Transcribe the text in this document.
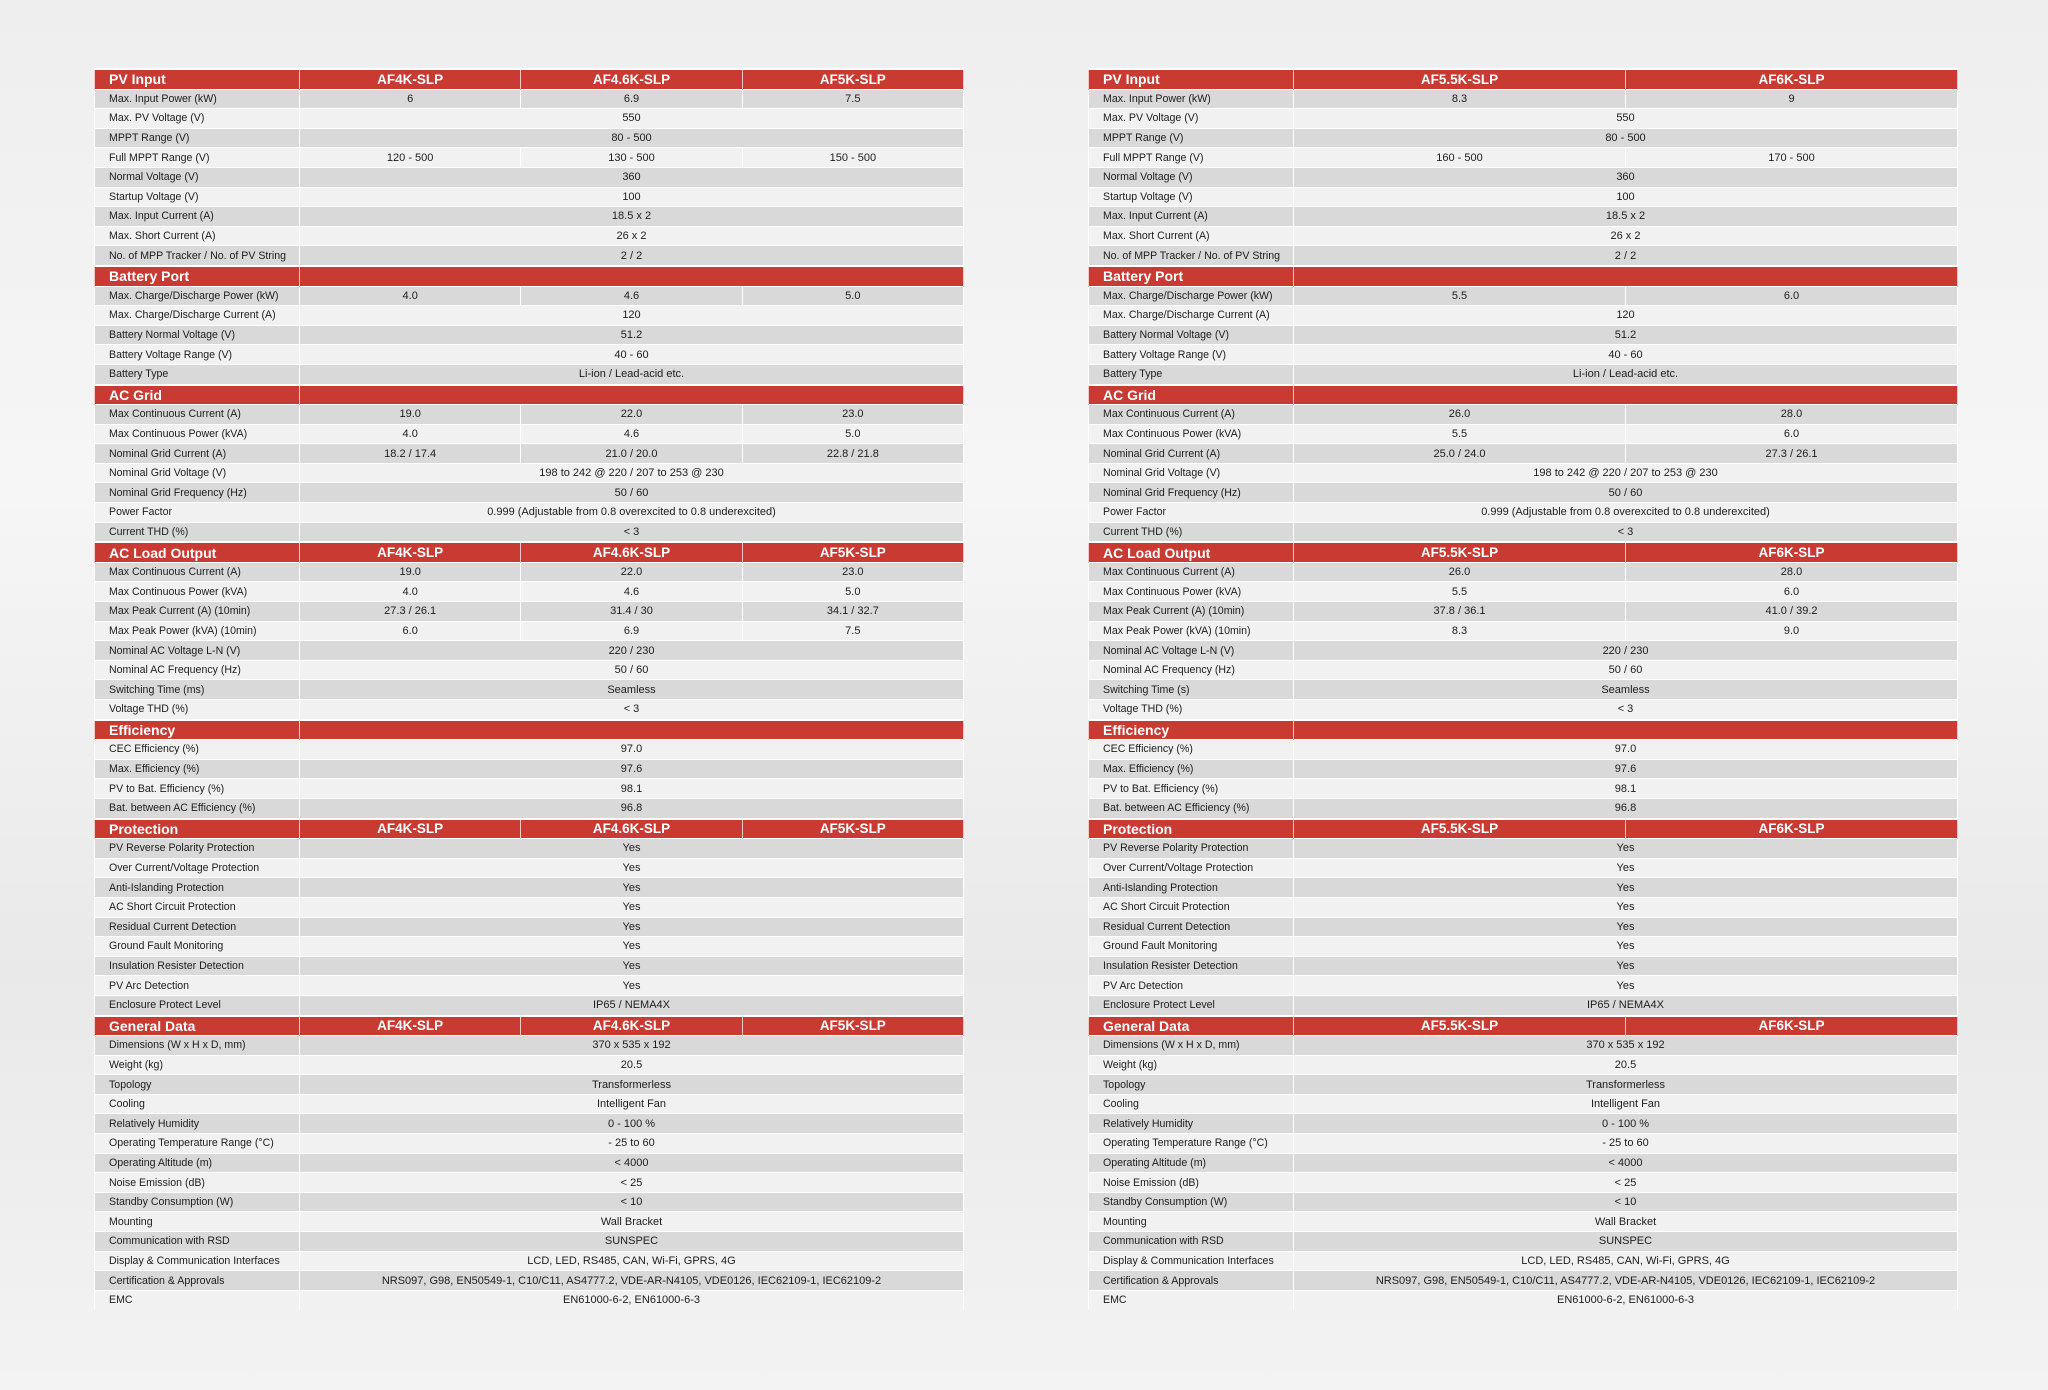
PV Input	AF4K-SLP	AF4.6K-SLP	AF5K-SLP
Max. Input Power (kW)	6	6.9	7.5
Max. PV Voltage (V)	550		
MPPT Range (V)	80 - 500		
Full MPPT Range (V)	120 - 500	130 - 500	150 - 500
Normal Voltage (V)	360		
Startup Voltage (V)	100		
Max. Input Current (A)	18.5 x 2		
Max. Short Current (A)	26 x 2		
No. of MPP Tracker / No. of PV String	2 / 2		
Battery Port			
Max. Charge/Discharge Power (kW)	4.0	4.6	5.0
Max. Charge/Discharge Current (A)	120		
Battery Normal Voltage (V)	51.2		
Battery Voltage Range (V)	40 - 60		
Battery Type	Li-ion / Lead-acid etc.		
AC Grid			
Max Continuous Current (A)	19.0	22.0	23.0
Max Continuous Power (kVA)	4.0	4.6	5.0
Nominal Grid Current (A)	18.2 / 17.4	21.0 / 20.0	22.8 / 21.8
Nominal Grid Voltage (V)	198 to 242 @ 220 / 207 to 253 @ 230		
Nominal Grid Frequency (Hz)	50 / 60		
Power Factor	0.999 (Adjustable from 0.8 overexcited to 0.8 underexcited)		
Current THD (%)	< 3		
AC Load Output	AF4K-SLP	AF4.6K-SLP	AF5K-SLP
Max Continuous Current (A)	19.0	22.0	23.0
Max Continuous Power (kVA)	4.0	4.6	5.0
Max Peak Current (A) (10min)	27.3 / 26.1	31.4 / 30	34.1 / 32.7
Max Peak Power (kVA) (10min)	6.0	6.9	7.5
Nominal AC Voltage L-N (V)	220 / 230		
Nominal AC Frequency (Hz)	50 / 60		
Switching Time (ms)	Seamless		
Voltage THD (%)	< 3		
Efficiency			
CEC Efficiency (%)	97.0		
Max. Efficiency (%)	97.6		
PV to Bat. Efficiency (%)	98.1		
Bat. between AC Efficiency (%)	96.8		
Protection	AF4K-SLP	AF4.6K-SLP	AF5K-SLP
PV Reverse Polarity Protection	Yes		
Over Current/Voltage Protection	Yes		
Anti-Islanding Protection	Yes		
AC Short Circuit Protection	Yes		
Residual Current Detection	Yes		
Ground Fault Monitoring	Yes		
Insulation Resister Detection	Yes		
PV Arc Detection	Yes		
Enclosure Protect Level	IP65 / NEMA4X		
General Data	AF4K-SLP	AF4.6K-SLP	AF5K-SLP
Dimensions (W x H x D, mm)	370 x 535 x 192		
Weight (kg)	20.5		
Topology	Transformerless		
Cooling	Intelligent Fan		
Relatively Humidity	0 - 100 %		
Operating Temperature Range (°C)	- 25 to 60		
Operating Altitude (m)	< 4000		
Noise Emission (dB)	< 25		
Standby Consumption (W)	< 10		
Mounting	Wall Bracket		
Communication with RSD	SUNSPEC		
Display & Communication Interfaces	LCD, LED, RS485, CAN, Wi-Fi, GPRS, 4G		
Certification & Approvals	NRS097, G98, EN50549-1, C10/C11, AS4777.2, VDE-AR-N4105, VDE0126, IEC62109-1, IEC62109-2		
EMC	EN61000-6-2, EN61000-6-3		
PV Input	AF5.5K-SLP	AF6K-SLP
Max. Input Power (kW)	8.3	9
Max. PV Voltage (V)	550	
MPPT Range (V)	80 - 500	
Full MPPT Range (V)	160 - 500	170 - 500
Normal Voltage (V)	360	
Startup Voltage (V)	100	
Max. Input Current (A)	18.5 x 2	
Max. Short Current (A)	26 x 2	
No. of MPP Tracker / No. of PV String	2 / 2	
Battery Port		
Max. Charge/Discharge Power (kW)	5.5	6.0
Max. Charge/Discharge Current (A)	120	
Battery Normal Voltage (V)	51.2	
Battery Voltage Range (V)	40 - 60	
Battery Type	Li-ion / Lead-acid etc.	
AC Grid		
Max Continuous Current (A)	26.0	28.0
Max Continuous Power (kVA)	5.5	6.0
Nominal Grid Current (A)	25.0 / 24.0	27.3 / 26.1
Nominal Grid Voltage (V)	198 to 242 @ 220 / 207 to 253 @ 230	
Nominal Grid Frequency (Hz)	50 / 60	
Power Factor	0.999 (Adjustable from 0.8 overexcited to 0.8 underexcited)	
Current THD (%)	< 3	
AC Load Output	AF5.5K-SLP	AF6K-SLP
Max Continuous Current (A)	26.0	28.0
Max Continuous Power (kVA)	5.5	6.0
Max Peak Current (A) (10min)	37.8 / 36.1	41.0 / 39.2
Max Peak Power (kVA) (10min)	8.3	9.0
Nominal AC Voltage L-N (V)	220 / 230	
Nominal AC Frequency (Hz)	50 / 60	
Switching Time (s)	Seamless	
Voltage THD (%)	< 3	
Efficiency		
CEC Efficiency (%)	97.0	
Max. Efficiency (%)	97.6	
PV to Bat. Efficiency (%)	98.1	
Bat. between AC Efficiency (%)	96.8	
Protection	AF5.5K-SLP	AF6K-SLP
PV Reverse Polarity Protection	Yes	
Over Current/Voltage Protection	Yes	
Anti-Islanding Protection	Yes	
AC Short Circuit Protection	Yes	
Residual Current Detection	Yes	
Ground Fault Monitoring	Yes	
Insulation Resister Detection	Yes	
PV Arc Detection	Yes	
Enclosure Protect Level	IP65 / NEMA4X	
General Data	AF5.5K-SLP	AF6K-SLP
Dimensions (W x H x D, mm)	370 x 535 x 192	
Weight (kg)	20.5	
Topology	Transformerless	
Cooling	Intelligent Fan	
Relatively Humidity	0 - 100 %	
Operating Temperature Range (°C)	- 25 to 60	
Operating Altitude (m)	< 4000	
Noise Emission (dB)	< 25	
Standby Consumption (W)	< 10	
Mounting	Wall Bracket	
Communication with RSD	SUNSPEC	
Display & Communication Interfaces	LCD, LED, RS485, CAN, Wi-Fi, GPRS, 4G	
Certification & Approvals	NRS097, G98, EN50549-1, C10/C11, AS4777.2, VDE-AR-N4105, VDE0126, IEC62109-1, IEC62109-2	
EMC	EN61000-6-2, EN61000-6-3	
